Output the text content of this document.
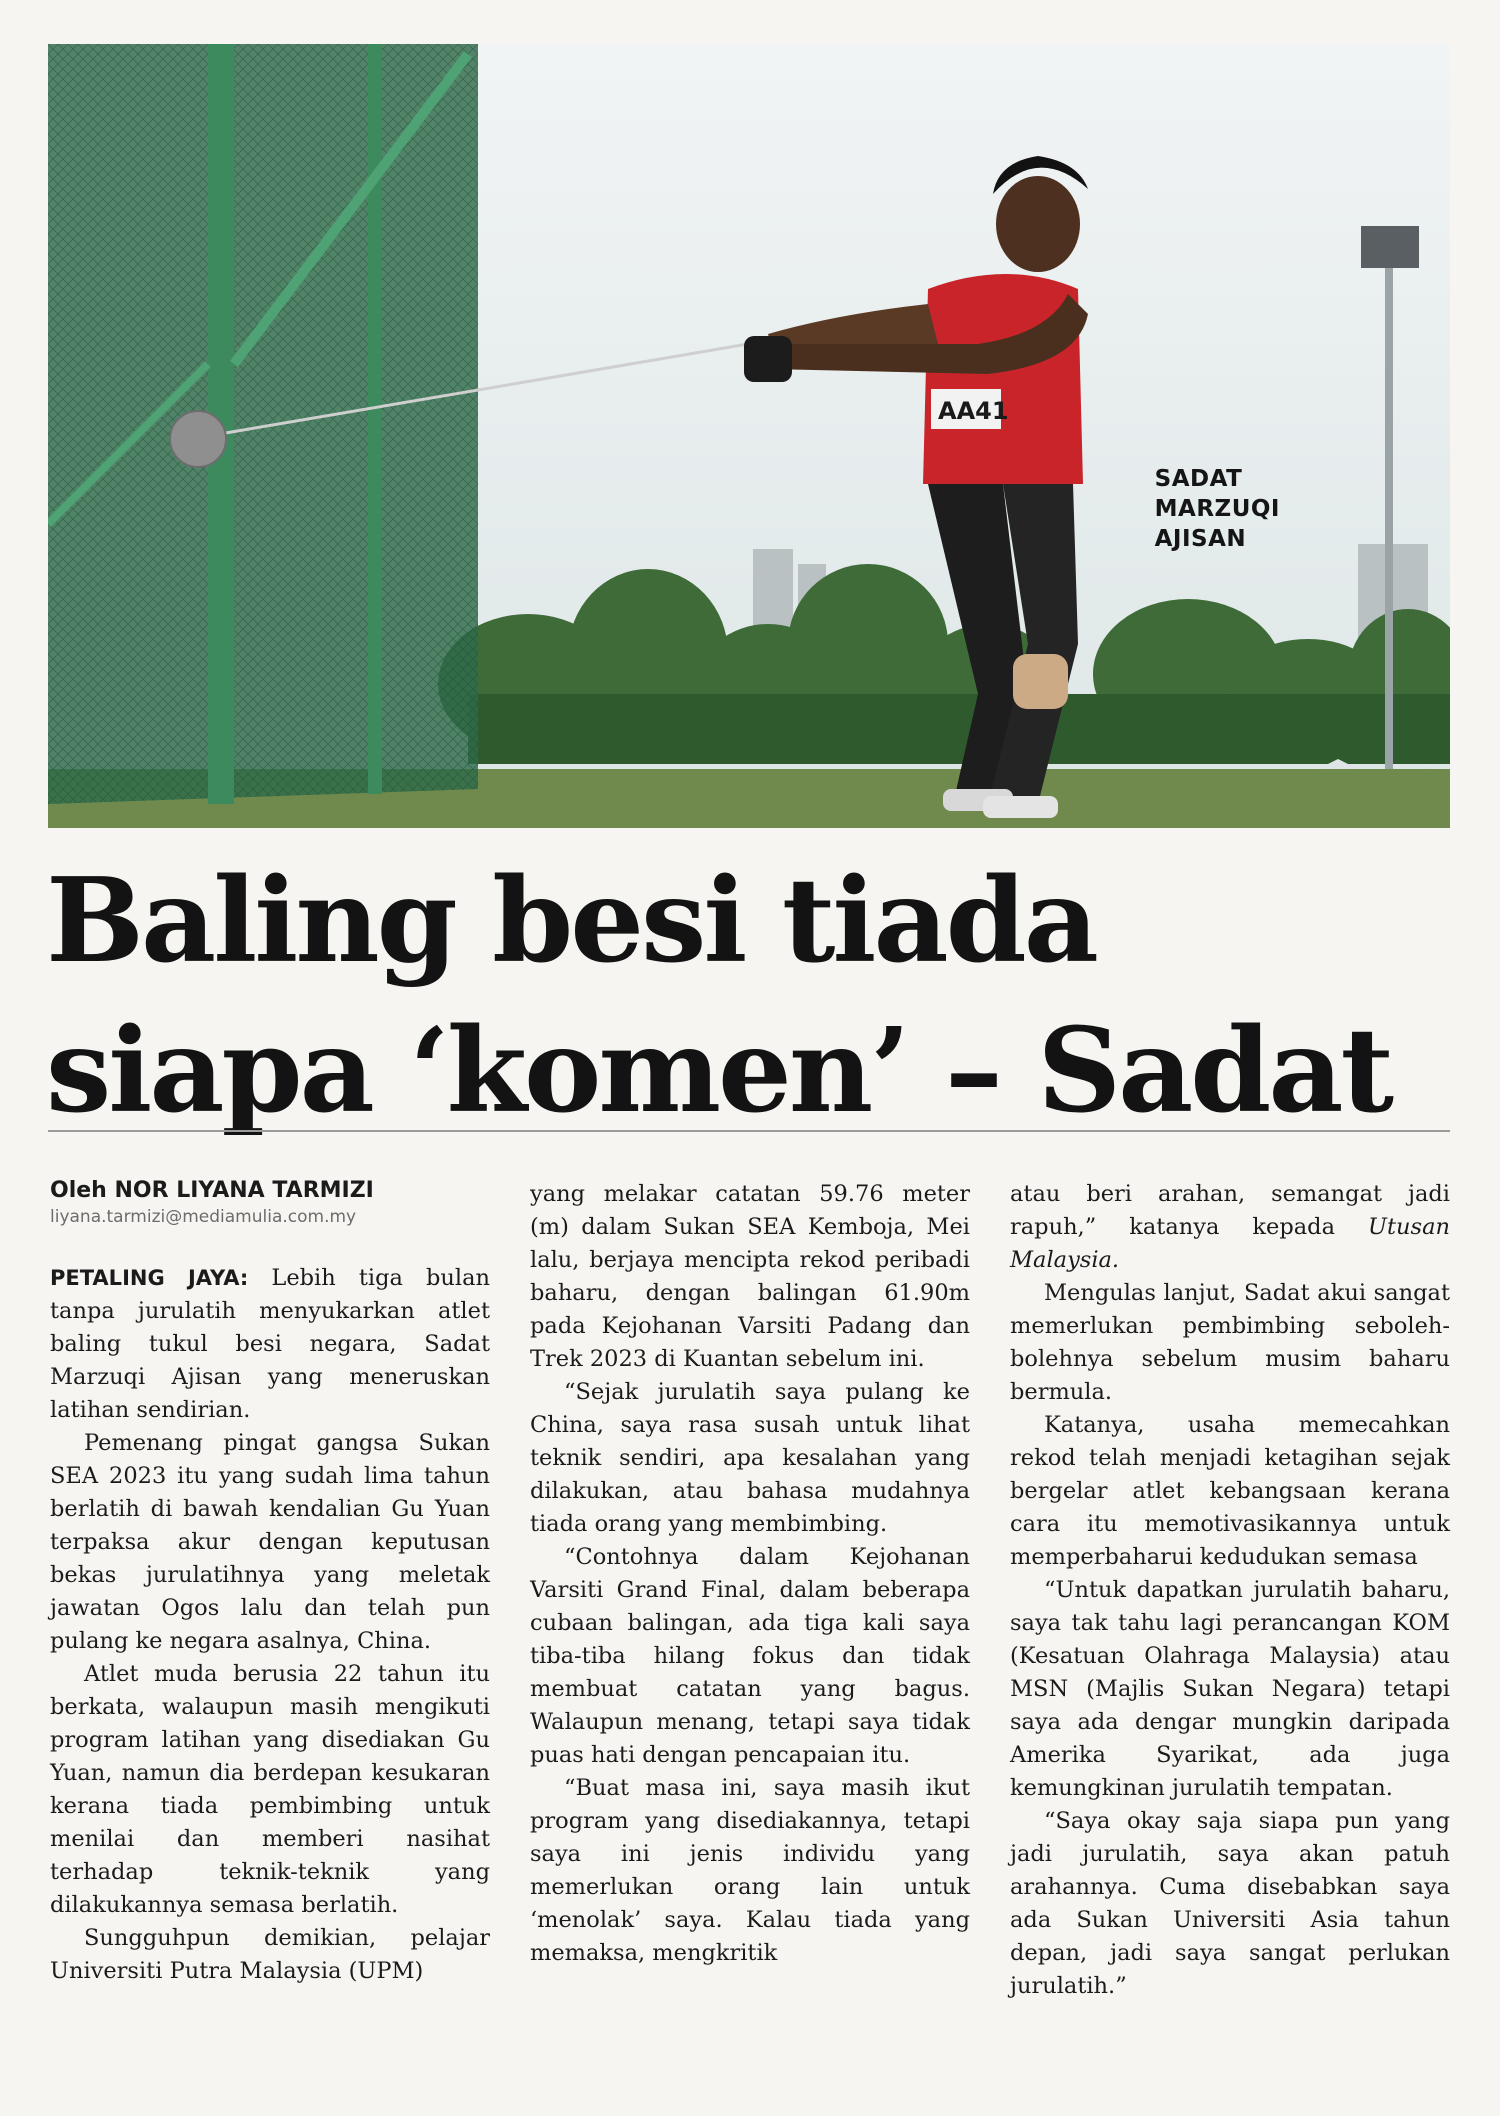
AA41
SADAT
MARZUQI
AJISAN
Baling besi tiada
siapa ‘komen’ – Sadat
Oleh NOR LIYANA TARMIZI
liyana.tarmizi@mediamulia.com.my

PETALING JAYA: Lebih tiga bulan tanpa jurulatih menyukarkan atlet baling tukul besi negara, Sadat Marzuqi Ajisan yang meneruskan latihan sendirian.

Pemenang pingat gangsa Sukan SEA 2023 itu yang sudah lima tahun berlatih di bawah kendalian Gu Yuan terpaksa akur dengan keputusan bekas jurulatihnya yang meletak jawatan Ogos lalu dan telah pun pulang ke negara asalnya, China.

Atlet muda berusia 22 tahun itu berkata, walaupun masih mengikuti program latihan yang disediakan Gu Yuan, namun dia berdepan kesukaran kerana tiada pembimbing untuk menilai dan memberi nasihat terhadap teknik-teknik yang dilakukannya semasa berlatih.

Sungguhpun demikian, pelajar Universiti Putra Malaysia (UPM)

yang melakar catatan 59.76 meter (m) dalam Sukan SEA Kemboja, Mei lalu, berjaya mencipta rekod peribadi baharu, dengan balingan 61.90m pada Kejohanan Varsiti Padang dan Trek 2023 di Kuantan sebelum ini.

“Sejak jurulatih saya pulang ke China, saya rasa susah untuk lihat teknik sendiri, apa kesalahan yang dilakukan, atau bahasa mudahnya tiada orang yang membimbing.

“Contohnya dalam Kejohanan Varsiti Grand Final, dalam beberapa cubaan balingan, ada tiga kali saya tiba-tiba hilang fokus dan tidak membuat catatan yang bagus. Walaupun menang, tetapi saya tidak puas hati dengan pencapaian itu.

“Buat masa ini, saya masih ikut program yang disediakannya, tetapi saya ini jenis individu yang memerlukan orang lain untuk ‘menolak’ saya. Kalau tiada yang memaksa, mengkritik

atau beri arahan, semangat jadi rapuh,” katanya kepada Utusan Malaysia.

Mengulas lanjut, Sadat akui sangat memerlukan pembimbing seboleh-bolehnya sebelum musim baharu bermula.

Katanya, usaha memecahkan rekod telah menjadi ketagihan sejak bergelar atlet kebangsaan kerana cara itu memotivasikannya untuk memperbaharui kedudukan semasa

“Untuk dapatkan jurulatih baharu, saya tak tahu lagi perancangan KOM (Kesatuan Olahraga Malaysia) atau MSN (Majlis Sukan Negara) tetapi saya ada dengar mungkin daripada Amerika Syarikat, ada juga kemungkinan jurulatih tempatan.

“Saya okay saja siapa pun yang jadi jurulatih, saya akan patuh arahannya. Cuma disebabkan saya ada Sukan Universiti Asia tahun depan, jadi saya sangat perlukan jurulatih.”
